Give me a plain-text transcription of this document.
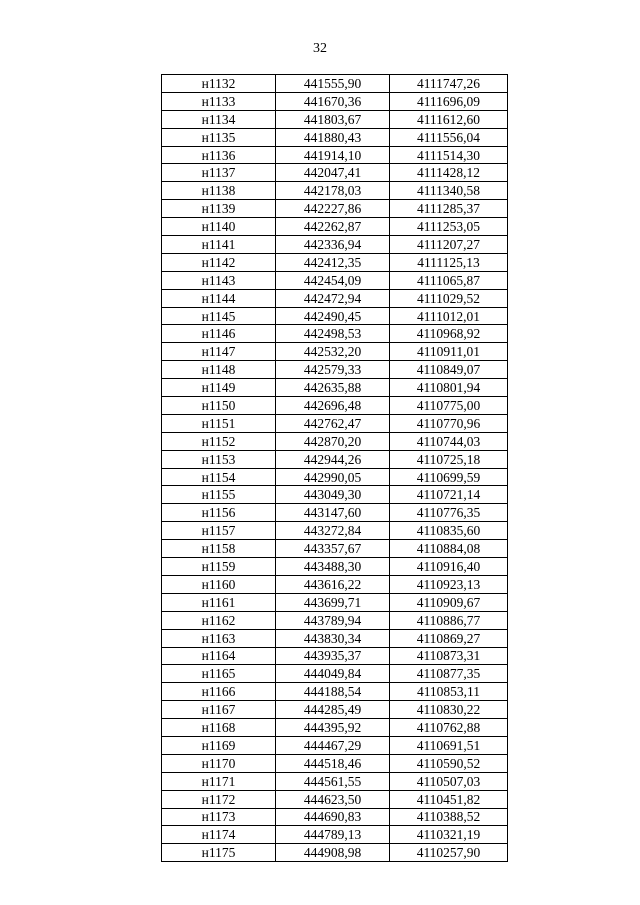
32
н1132	441555,90	4111747,26
н1133	441670,36	4111696,09
н1134	441803,67	4111612,60
н1135	441880,43	4111556,04
н1136	441914,10	4111514,30
н1137	442047,41	4111428,12
н1138	442178,03	4111340,58
н1139	442227,86	4111285,37
н1140	442262,87	4111253,05
н1141	442336,94	4111207,27
н1142	442412,35	4111125,13
н1143	442454,09	4111065,87
н1144	442472,94	4111029,52
н1145	442490,45	4111012,01
н1146	442498,53	4110968,92
н1147	442532,20	4110911,01
н1148	442579,33	4110849,07
н1149	442635,88	4110801,94
н1150	442696,48	4110775,00
н1151	442762,47	4110770,96
н1152	442870,20	4110744,03
н1153	442944,26	4110725,18
н1154	442990,05	4110699,59
н1155	443049,30	4110721,14
н1156	443147,60	4110776,35
н1157	443272,84	4110835,60
н1158	443357,67	4110884,08
н1159	443488,30	4110916,40
н1160	443616,22	4110923,13
н1161	443699,71	4110909,67
н1162	443789,94	4110886,77
н1163	443830,34	4110869,27
н1164	443935,37	4110873,31
н1165	444049,84	4110877,35
н1166	444188,54	4110853,11
н1167	444285,49	4110830,22
н1168	444395,92	4110762,88
н1169	444467,29	4110691,51
н1170	444518,46	4110590,52
н1171	444561,55	4110507,03
н1172	444623,50	4110451,82
н1173	444690,83	4110388,52
н1174	444789,13	4110321,19
н1175	444908,98	4110257,90
